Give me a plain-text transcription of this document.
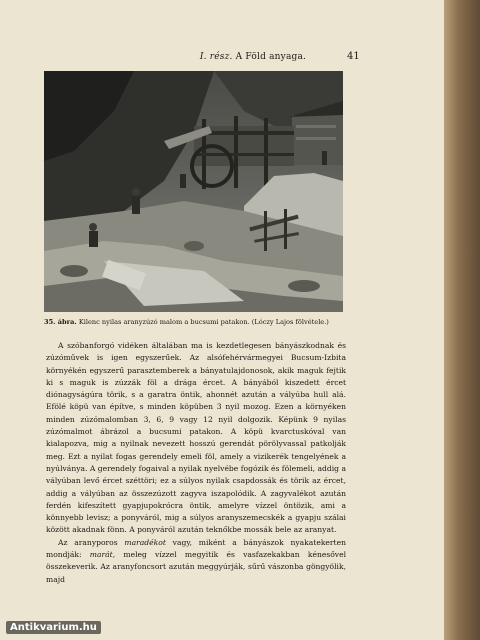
I. rész. A Föld anyaga.	41
35. ábra. Kilenc nyilas aranyzúzó malom a bucsumi patakon. (Lóczy Lajos fölvétele.)

A szóbanforgó vidéken általában ma is kezdetlegesen bányászkodnak és zúzóművek is igen egyszerűek. Az alsófehérvármegyei Bucsum-Izbita környékén egyszerű parasztemberek a bányatulajdonosok, akik maguk fejtik ki s maguk is zúzzák föl a drága ércet. A bányából kiszedett ércet diónagyságúra törik, s a garatra öntik, ahonnét azután a vályúba hull alá. Efölé köpü van építve, s minden köpüben 3 nyil mozog. Ezen a környéken minden zúzómalomban 3, 6, 9 vagy 12 nyil dolgozik. Képünk 9 nyilas zúzómalmot ábrázol a bucsumi patakon. A köpü kvarctuskóval van kialapozva, mig a nyilnak nevezett hosszú gerendát pörölyvassal patkolják meg. Ezt a nyilat fogas gerendely emeli föl, amely a vizikerék tengelyének a nyúlványa. A gerendely fogaival a nyilak nyelvébe fogózik és fölemeli, addig a vályúban levő ércet széttöri; ez a súlyos nyilak csapdossák és törik az ércet, addig a vályúban az összezúzott zagyva iszapolódik. A zagyvalékot azután ferdén kifeszített gyapjupokrócra öntik, amelyre vízzel öntözik, ami a könnyebb levisz; a ponyváról, mig a súlyos aranyszemecskék a gyapju szálai között akadnak fönn. A ponyváról azután teknőkbe mossák bele az aranyat.

Az aranyporos maradékot vagy, miként a bányászok nyakatekerten mondják: marát, meleg vízzel megyitik és vasfazekakban kénesővel összekeverik. Az aranyfoncsort azután meggyúrják, sűrű vászonba göngyölik, majd

Antikvarium.hu
